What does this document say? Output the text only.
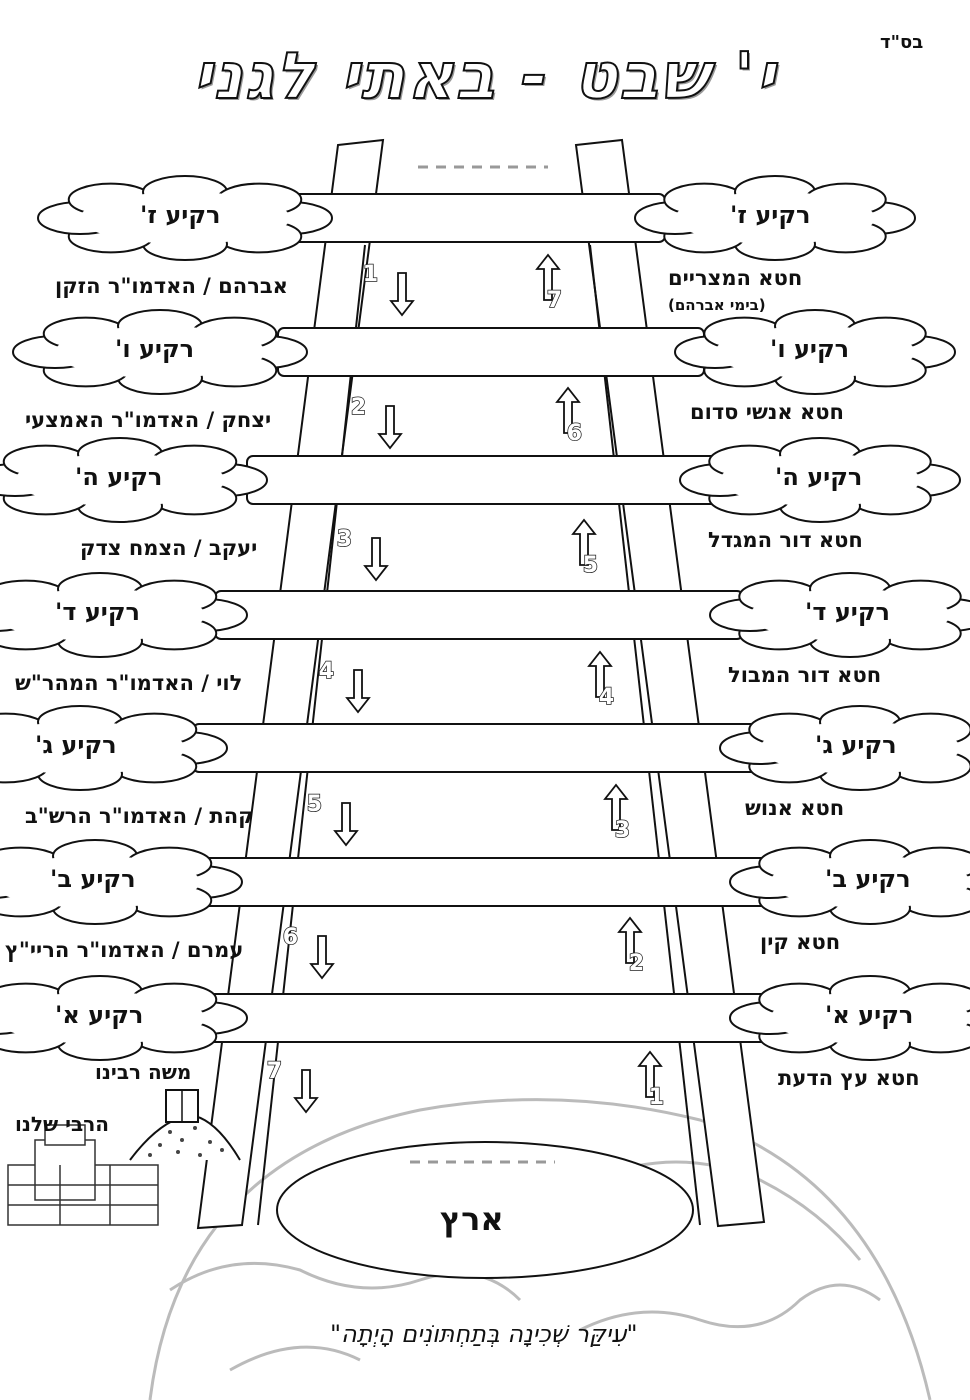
1
7
2
6
3
5
4
4
5
3
6
2
7
1
בס"ד
י' שבט - באתי לגני
רקיע ז'
רקיע ז'
חטא המצריים
(בימי אברהם)
אברהם / האדמו"ר הזקן
רקיע ו'
רקיע ו'
חטא אנשי סדום
יצחק / האדמו"ר האמצעי
רקיע ה'
רקיע ה'
חטא דור המגדל
יעקב / הצמח צדק
רקיע ד'
רקיע ד'
חטא דור המבול
לוי / האדמו"ר המהר"ש
רקיע ג'
רקיע ג'
חטא אנוש
קהת / האדמו"ר הרש"ב
רקיע ב'
רקיע ב'
חטא קין
עמרם / האדמו"ר הריי"ץ
רקיע א'
רקיע א'
חטא עץ הדעת
משה רבינו
הרבי שלנו
ארץ
"עִיקַּר שְׁכִינָה בְּתַחְתּוֹנִים הָיְתָה"
